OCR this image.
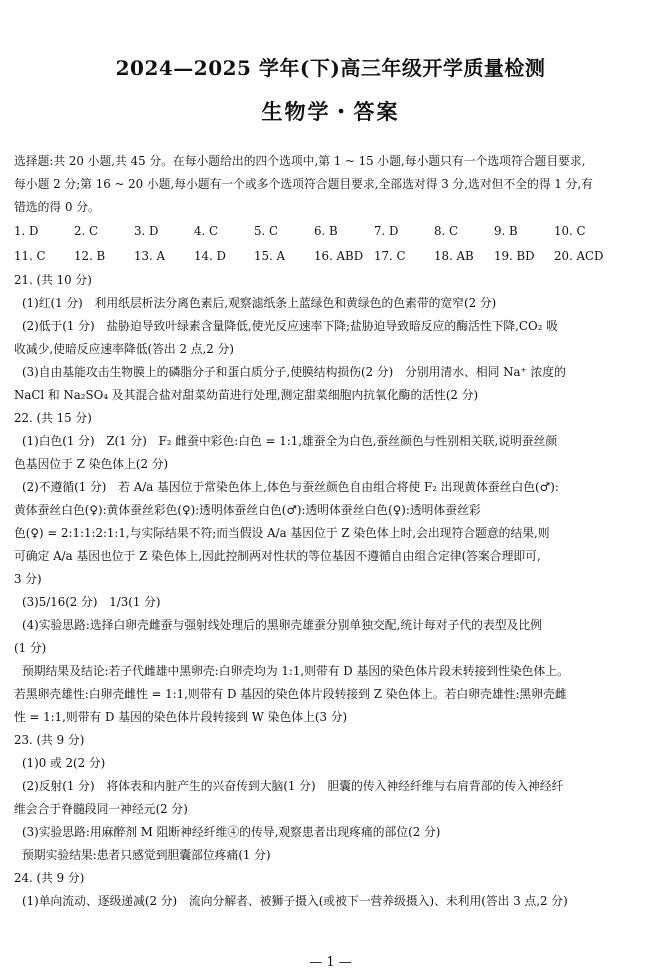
2024—2025 学年(下)高三年级开学质量检测
生物学・答案

选择题:共 20 小题,共 45 分。在每小题给出的四个选项中,第 1 ~ 15 小题,每小题只有一个选项符合题目要求,

每小题 2 分;第 16 ~ 20 小题,每小题有一个或多个选项符合题目要求,全部选对得 3 分,选对但不全的得 1 分,有

错选的得 0 分。

1. D	2. C	3. D	4. C	5. C	6. B	7. D	8. C	9. B	10. C
11. C	12. B	13. A	14. D	15. A	16. ABD 17. C	18. AB	19. BD	20. ACD

21. (共 10 分)

(1)红(1 分)　利用纸层析法分离色素后,观察滤纸条上蓝绿色和黄绿色的色素带的宽窄(2 分)

(2)低于(1 分)　盐胁迫导致叶绿素含量降低,使光反应速率下降;盐胁迫导致暗反应的酶活性下降,CO₂ 吸

收减少,使暗反应速率降低(答出 2 点,2 分)

(3)自由基能攻击生物膜上的磷脂分子和蛋白质分子,使膜结构损伤(2 分)　分别用清水、相同 Na⁺ 浓度的

NaCl 和 Na₂SO₄ 及其混合盐对甜菜幼苗进行处理,测定甜菜细胞内抗氧化酶的活性(2 分)

22. (共 15 分)

(1)白色(1 分)　Z(1 分)　F₂ 雌蚕中彩色:白色 = 1:1,雄蚕全为白色,蚕丝颜色与性别相关联,说明蚕丝颜

色基因位于 Z 染色体上(2 分)

(2)不遵循(1 分)　若 A/a 基因位于常染色体上,体色与蚕丝颜色自由组合将使 F₂ 出现黄体蚕丝白色(♂):

黄体蚕丝白色(♀):黄体蚕丝彩色(♀):透明体蚕丝白色(♂):透明体蚕丝白色(♀):透明体蚕丝彩

色(♀) = 2:1:1:2:1:1,与实际结果不符;而当假设 A/a 基因位于 Z 染色体上时,会出现符合题意的结果,则

可确定 A/a 基因也位于 Z 染色体上,因此控制两对性状的等位基因不遵循自由组合定律(答案合理即可,

3 分)

(3)5/16(2 分)　1/3(1 分)

(4)实验思路:选择白卵壳雌蚕与强射线处理后的黑卵壳雄蚕分别单独交配,统计每对子代的表型及比例

(1 分)

预期结果及结论:若子代雌雄中黑卵壳:白卵壳均为 1:1,则带有 D 基因的染色体片段未转接到性染色体上。

若黑卵壳雄性:白卵壳雌性 = 1:1,则带有 D 基因的染色体片段转接到 Z 染色体上。若白卵壳雄性:黑卵壳雌

性 = 1:1,则带有 D 基因的染色体片段转接到 W 染色体上(3 分)

23. (共 9 分)

(1)0 或 2(2 分)

(2)反射(1 分)　将体表和内脏产生的兴奋传到大脑(1 分)　胆囊的传入神经纤维与右肩背部的传入神经纤

维会合于脊髓段同一神经元(2 分)

(3)实验思路:用麻醉剂 M 阻断神经纤维④的传导,观察患者出现疼痛的部位(2 分)

预期实验结果:患者只感觉到胆囊部位疼痛(1 分)

24. (共 9 分)

(1)单向流动、逐级递减(2 分)　流向分解者、被狮子摄入(或被下一营养级摄入)、未利用(答出 3 点,2 分)

— 1 —
